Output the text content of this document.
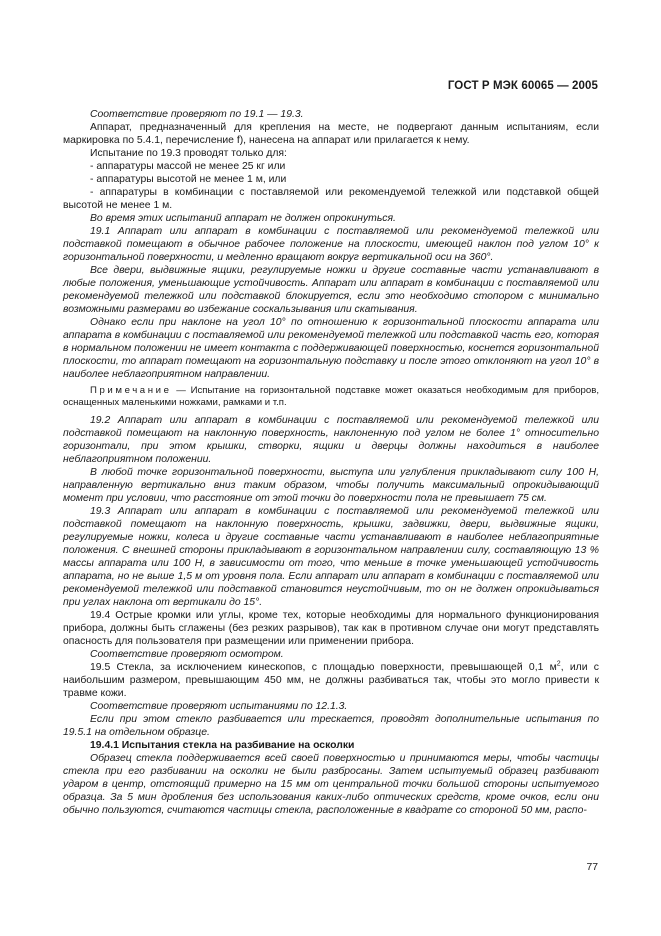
ГОСТ Р МЭК 60065 — 2005

Соответствие проверяют по 19.1 — 19.3.

Аппарат, предназначенный для крепления на месте, не подвергают данным испытаниям, если маркировка по 5.4.1, перечисление f), нанесена на аппарат или прилагается к нему.

Испытание по 19.3 проводят только для:

- аппаратуры массой не менее 25 кг или

- аппаратуры высотой не менее 1 м, или

- аппаратуры в комбинации с поставляемой или рекомендуемой тележкой или подставкой общей высотой не менее 1 м.

Во время этих испытаний аппарат не должен опрокинуться.

19.1 Аппарат или аппарат в комбинации с поставляемой или рекомендуемой тележкой или подставкой помещают в обычное рабочее положение на плоскости, имеющей наклон под углом 10° к горизонтальной поверхности, и медленно вращают вокруг вертикальной оси на 360°.

Все двери, выдвижные ящики, регулируемые ножки и другие составные части устанавливают в любые положения, уменьшающие устойчивость. Аппарат или аппарат в комбинации с поставляемой или рекомендуемой тележкой или подставкой блокируется, если это необходимо стопором с минимально возможными размерами во избежание соскальзывания или скатывания.

Однако если при наклоне на угол 10° по отношению к горизонтальной плоскости аппарата или аппарата в комбинации с поставляемой или рекомендуемой тележкой или подставкой часть его, которая в нормальном положении не имеет контакта с поддерживающей поверхностью, коснется горизонтальной плоскости, то аппарат помещают на горизонтальную подставку и после этого отклоняют на угол 10° в наиболее неблагоприятном направлении.

Примечание — Испытание на горизонтальной подставке может оказаться необходимым для приборов, оснащенных маленькими ножками, рамками и т.п.

19.2 Аппарат или аппарат в комбинации с поставляемой или рекомендуемой тележкой или подставкой помещают на наклонную поверхность, наклоненную под углом не более 1° относительно горизонтали, при этом крышки, створки, ящики и дверцы должны находиться в наиболее неблагоприятном положении.

В любой точке горизонтальной поверхности, выступа или углубления прикладывают силу 100 Н, направленную вертикально вниз таким образом, чтобы получить максимальный опрокидывающий момент при условии, что расстояние от этой точки до поверхности пола не превышает 75 см.

19.3 Аппарат или аппарат в комбинации с поставляемой или рекомендуемой тележкой или подставкой помещают на наклонную поверхность, крышки, задвижки, двери, выдвижные ящики, регулируемые ножки, колеса и другие составные части устанавливают в наиболее неблагоприятные положения. С внешней стороны прикладывают в горизонтальном направлении силу, составляющую 13 % массы аппарата или 100 Н, в зависимости от того, что меньше в точке уменьшающей устойчивость аппарата, но не выше 1,5 м от уровня пола. Если аппарат или аппарат в комбинации с поставляемой или рекомендуемой тележкой или подставкой становится неустойчивым, то он не должен опрокидываться при углах наклона от вертикали до 15°.

19.4 Острые кромки или углы, кроме тех, которые необходимы для нормального функционирования прибора, должны быть сглажены (без резких разрывов), так как в противном случае они могут представлять опасность для пользователя при размещении или применении прибора.

Соответствие проверяют осмотром.

19.5 Стекла, за исключением кинескопов, с площадью поверхности, превышающей 0,1 $м^2$, или с наибольшим размером, превышающим 450 мм, не должны разбиваться так, чтобы это могло привести к травме кожи.

Соответствие проверяют испытаниями по 12.1.3.

Если при этом стекло разбивается или трескается, проводят дополнительные испытания по 19.5.1 на отдельном образце.

19.4.1 Испытания стекла на разбивание на осколки

Образец стекла поддерживается всей своей поверхностью и принимаются меры, чтобы частицы стекла при его разбивании на осколки не были разбросаны. Затем испытуемый образец разбивают ударом в центр, отстоящий примерно на 15 мм от центральной точки большой стороны испытуемого образца. За 5 мин дробления без использования каких-либо оптических средств, кроме очков, если они обычно пользуются, считаются частицы стекла, расположенные в квадрате со стороной 50 мм, распо-

77
